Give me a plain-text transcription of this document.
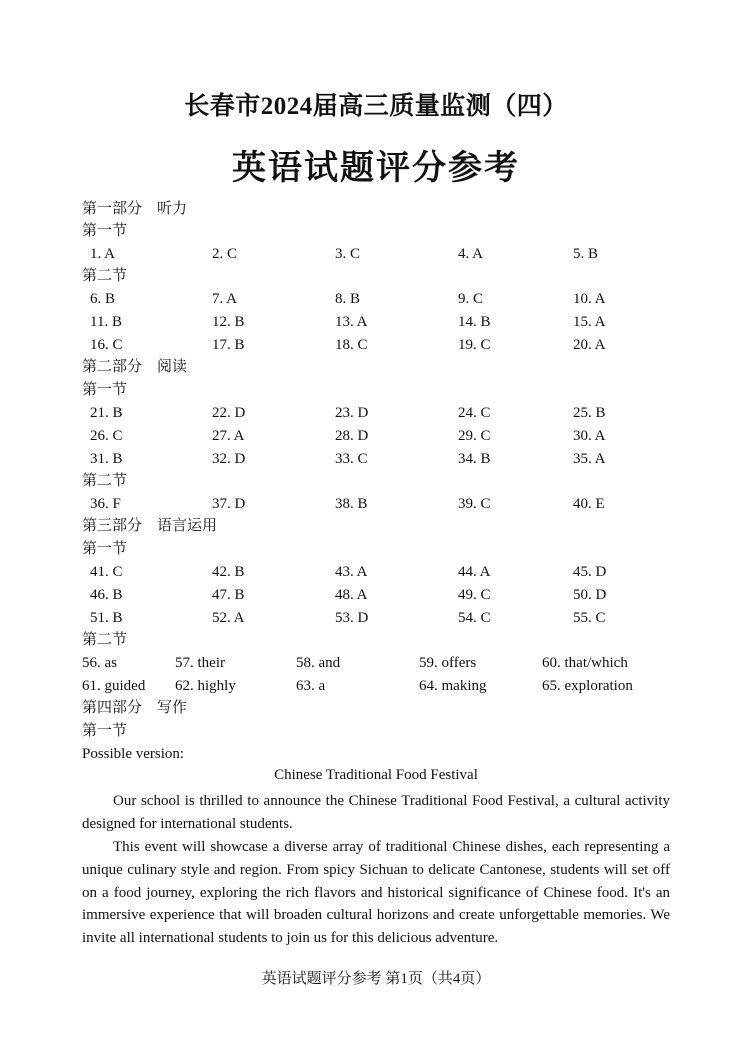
长春市2024届高三质量监测（四）
英语试题评分参考
第一部分　听力
第一节
1. A	2. C	3. C	4. A	5. B
第二节
6. B	7. A	8. B	9. C	10. A
11. B	12. B	13. A	14. B	15. A
16. C	17. B	18. C	19. C	20. A
第二部分　阅读
第一节
21. B	22. D	23. D	24. C	25. B
26. C	27. A	28. D	29. C	30. A
31. B	32. D	33. C	34. B	35. A
第二节
36. F	37. D	38. B	39. C	40. E
第三部分　语言运用
第一节
41. C	42. B	43. A	44. A	45. D
46. B	47. B	48. A	49. C	50. D
51. B	52. A	53. D	54. C	55. C
第二节
56. as	57. their	58. and	59. offers	60. that/which
61. guided 62. highly	63. a	64. making	65. exploration
第四部分　写作
第一节
Possible version:
Chinese Traditional Food Festival
Our school is thrilled to announce the Chinese Traditional Food Festival, a cultural activity designed for international students.
This event will showcase a diverse array of traditional Chinese dishes, each representing a unique culinary style and region. From spicy Sichuan to delicate Cantonese, students will set off on a food journey, exploring the rich flavors and historical significance of Chinese food. It's an immersive experience that will broaden cultural horizons and create unforgettable memories. We invite all international students to join us for this delicious adventure.
英语试题评分参考 第1页（共4页）
